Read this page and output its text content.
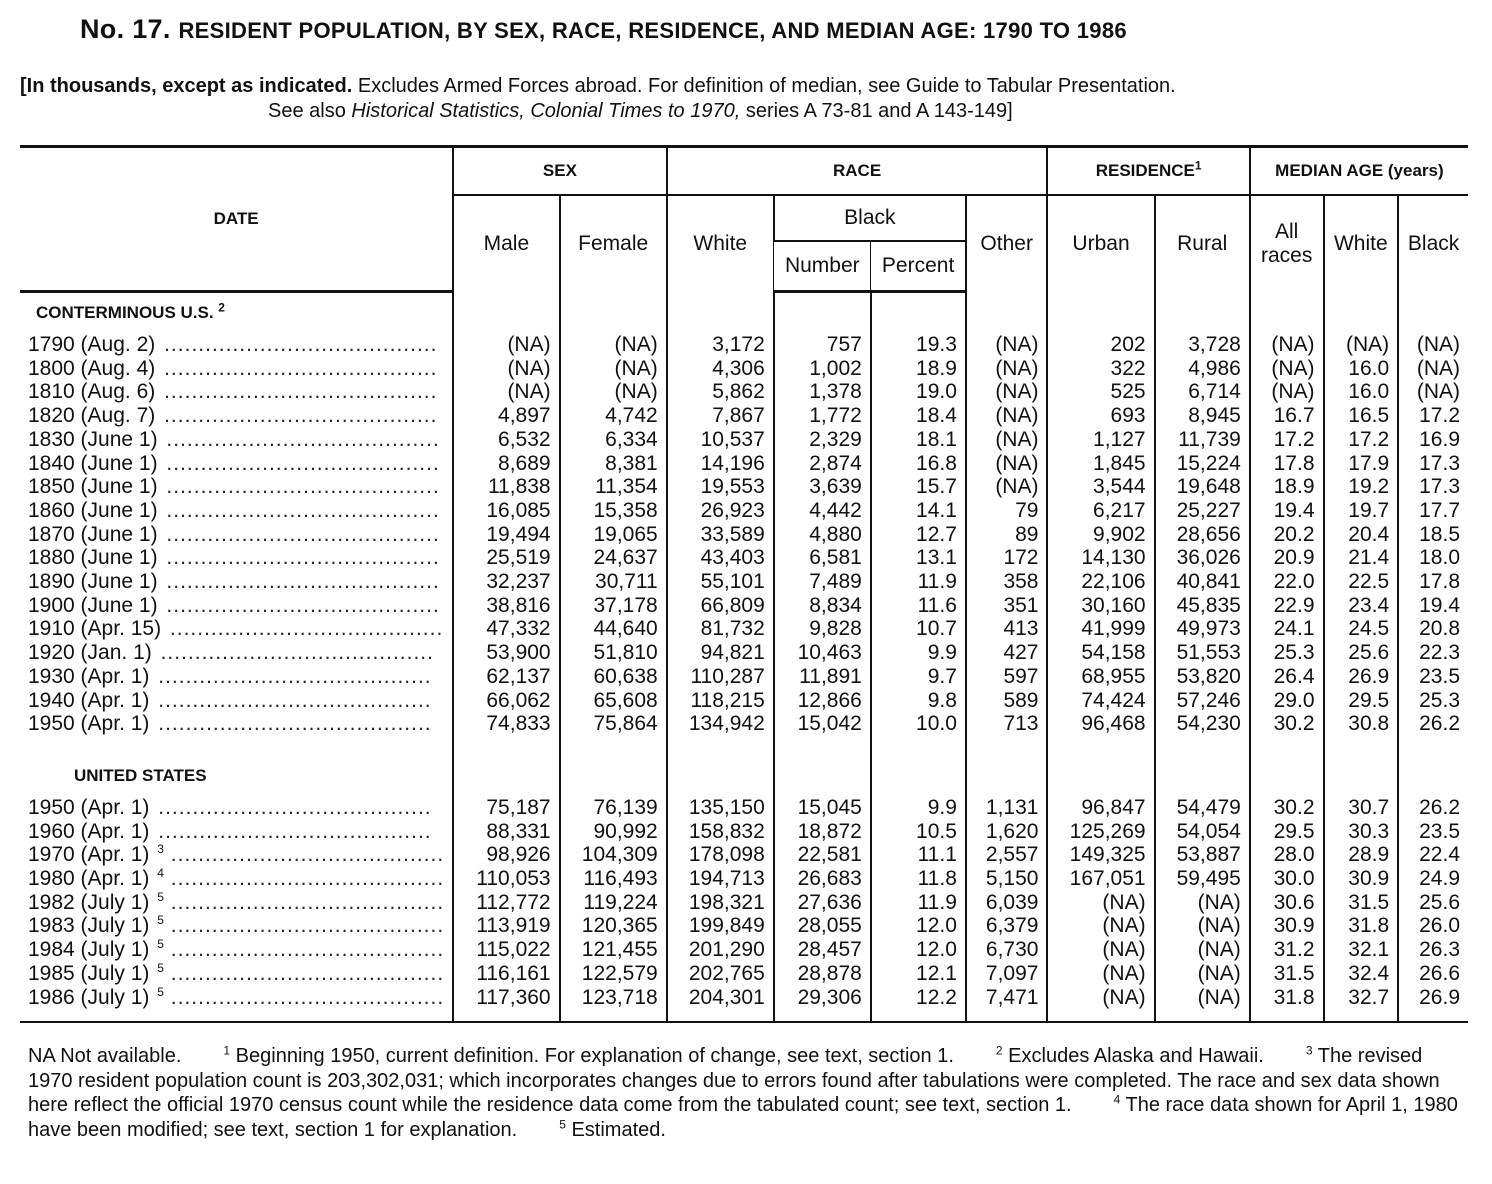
No. 17. RESIDENT POPULATION, BY SEX, RACE, RESIDENCE, AND MEDIAN AGE: 1790 TO 1986
[In thousands, except as indicated. Excludes Armed Forces abroad. For definition of median, see Guide to Tabular Presentation.
See also Historical Statistics, Colonial Times to 1970, series A 73-81 and A 143-149]
DATE	SEX		RACE				RESIDENCE$^1$		MEDIAN AGE (years)		
	Male	Female	White	Black		Other	Urban	Rural	All races	White	Black
				Number	Percent						
CONTERMINOUS U.S. $^2$											
1790 (Aug. 2) ........................................	(NA)	(NA)	3,172	757	19.3	(NA)	202	3,728	(NA)	(NA)	(NA)
1800 (Aug. 4) ........................................	(NA)	(NA)	4,306	1,002	18.9	(NA)	322	4,986	(NA)	16.0	(NA)
1810 (Aug. 6) ........................................	(NA)	(NA)	5,862	1,378	19.0	(NA)	525	6,714	(NA)	16.0	(NA)
1820 (Aug. 7) ........................................	4,897	4,742	7,867	1,772	18.4	(NA)	693	8,945	16.7	16.5	17.2
1830 (June 1) ........................................	6,532	6,334	10,537	2,329	18.1	(NA)	1,127	11,739	17.2	17.2	16.9
1840 (June 1) ........................................	8,689	8,381	14,196	2,874	16.8	(NA)	1,845	15,224	17.8	17.9	17.3
1850 (June 1) ........................................	11,838	11,354	19,553	3,639	15.7	(NA)	3,544	19,648	18.9	19.2	17.3
1860 (June 1) ........................................	16,085	15,358	26,923	4,442	14.1	79	6,217	25,227	19.4	19.7	17.7
1870 (June 1) ........................................	19,494	19,065	33,589	4,880	12.7	89	9,902	28,656	20.2	20.4	18.5
1880 (June 1) ........................................	25,519	24,637	43,403	6,581	13.1	172	14,130	36,026	20.9	21.4	18.0
1890 (June 1) ........................................	32,237	30,711	55,101	7,489	11.9	358	22,106	40,841	22.0	22.5	17.8
1900 (June 1) ........................................	38,816	37,178	66,809	8,834	11.6	351	30,160	45,835	22.9	23.4	19.4
1910 (Apr. 15) ........................................	47,332	44,640	81,732	9,828	10.7	413	41,999	49,973	24.1	24.5	20.8
1920 (Jan. 1) ........................................	53,900	51,810	94,821	10,463	9.9	427	54,158	51,553	25.3	25.6	22.3
1930 (Apr. 1) ........................................	62,137	60,638	110,287	11,891	9.7	597	68,955	53,820	26.4	26.9	23.5
1940 (Apr. 1) ........................................	66,062	65,608	118,215	12,866	9.8	589	74,424	57,246	29.0	29.5	25.3
1950 (Apr. 1) ........................................	74,833	75,864	134,942	15,042	10.0	713	96,468	54,230	30.2	30.8	26.2

UNITED STATES											
1950 (Apr. 1) ........................................	75,187	76,139	135,150	15,045	9.9	1,131	96,847	54,479	30.2	30.7	26.2
1960 (Apr. 1) ........................................	88,331	90,992	158,832	18,872	10.5	1,620	125,269	54,054	29.5	30.3	23.5
1970 (Apr. 1) $^3$ ........................................	98,926	104,309	178,098	22,581	11.1	2,557	149,325	53,887	28.0	28.9	22.4
1980 (Apr. 1) $^4$ ........................................	110,053	116,493	194,713	26,683	11.8	5,150	167,051	59,495	30.0	30.9	24.9
1982 (July 1) $^5$ ........................................	112,772	119,224	198,321	27,636	11.9	6,039	(NA)	(NA)	30.6	31.5	25.6
1983 (July 1) $^5$ ........................................	113,919	120,365	199,849	28,055	12.0	6,379	(NA)	(NA)	30.9	31.8	26.0
1984 (July 1) $^5$ ........................................	115,022	121,455	201,290	28,457	12.0	6,730	(NA)	(NA)	31.2	32.1	26.3
1985 (July 1) $^5$ ........................................	116,161	122,579	202,765	28,878	12.1	7,097	(NA)	(NA)	31.5	32.4	26.6
1986 (July 1) $^5$ ........................................	117,360	123,718	204,301	29,306	12.2	7,471	(NA)	(NA)	31.8	32.7	26.9

NA Not available.	$^1$ Beginning 1950, current definition. For explanation of change, see text, section 1.	$^2$ Excludes Alaska and Hawaii.	$^3$ The revised 1970 resident population count is 203,302,031; which incorporates changes due to errors found after tabulations were completed. The race and sex data shown here reflect the official 1970 census count while the residence data come from the tabulated count; see text, section 1.	$^4$ The race data shown for April 1, 1980 have been modified; see text, section 1 for explanation.	$^5$ Estimated.
